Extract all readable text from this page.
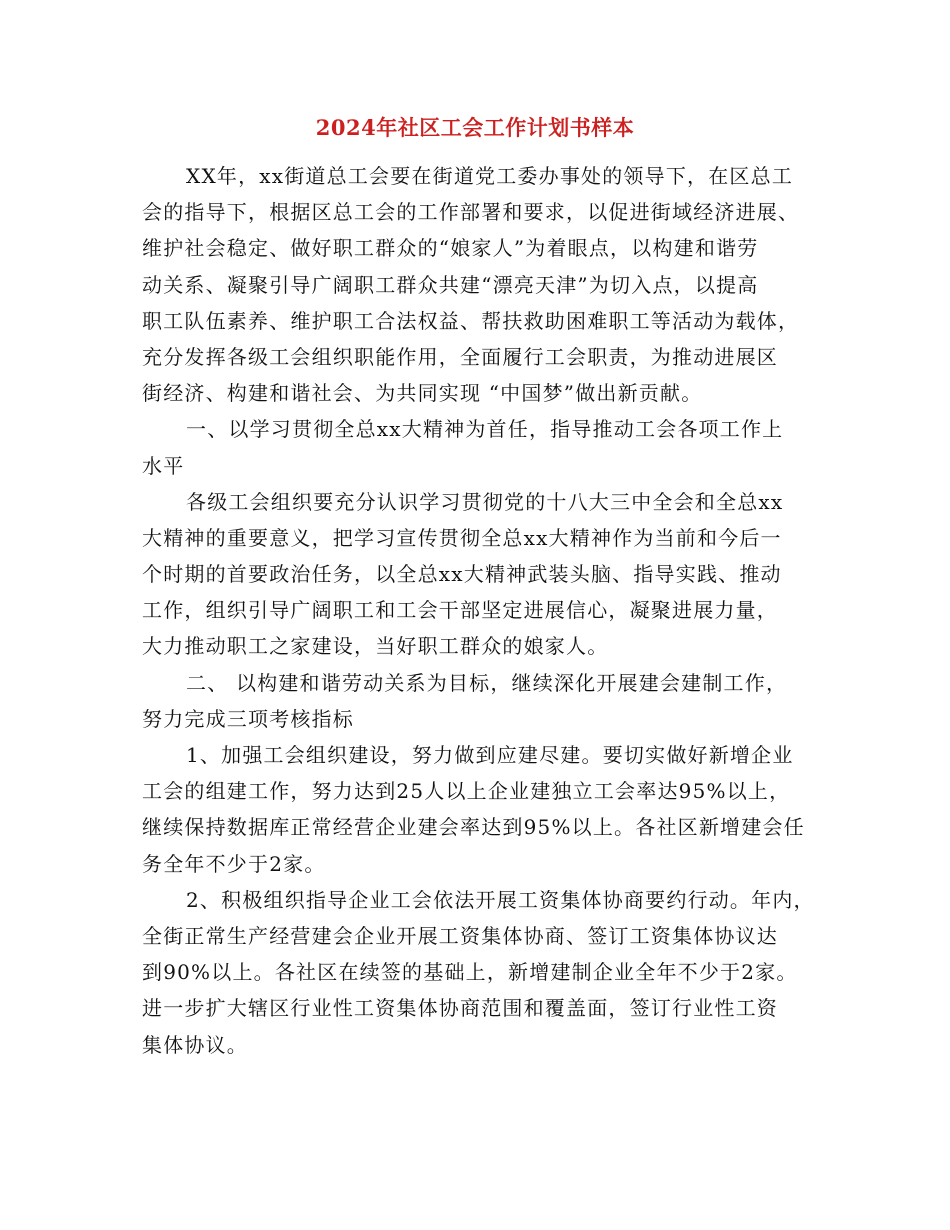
2024年社区工会工作计划书样本
XX年，xx街道总工会要在街道党工委办事处的领导下，在区总工
会的指导下，根据区总工会的工作部署和要求，以促进街域经济进展、
维护社会稳定、做好职工群众的“娘家人”为着眼点，以构建和谐劳
动关系、凝聚引导广阔职工群众共建“漂亮天津”为切入点，以提高
职工队伍素养、维护职工合法权益、帮扶救助困难职工等活动为载体，
充分发挥各级工会组织职能作用，全面履行工会职责，为推动进展区
街经济、构建和谐社会、为共同实现 “中国梦”做出新贡献。
一、以学习贯彻全总xx大精神为首任，指导推动工会各项工作上
水平
各级工会组织要充分认识学习贯彻党的十八大三中全会和全总xx
大精神的重要意义，把学习宣传贯彻全总xx大精神作为当前和今后一
个时期的首要政治任务，以全总xx大精神武装头脑、指导实践、推动
工作，组织引导广阔职工和工会干部坚定进展信心，凝聚进展力量，
大力推动职工之家建设，当好职工群众的娘家人。
二、 以构建和谐劳动关系为目标，继续深化开展建会建制工作，
努力完成三项考核指标
1、加强工会组织建设，努力做到应建尽建。要切实做好新增企业
工会的组建工作，努力达到25人以上企业建独立工会率达95%以上，
继续保持数据库正常经营企业建会率达到95%以上。各社区新增建会任
务全年不少于2家。
2、积极组织指导企业工会依法开展工资集体协商要约行动。年内，
全街正常生产经营建会企业开展工资集体协商、签订工资集体协议达
到90%以上。各社区在续签的基础上，新增建制企业全年不少于2家。
进一步扩大辖区行业性工资集体协商范围和覆盖面，签订行业性工资
集体协议。
